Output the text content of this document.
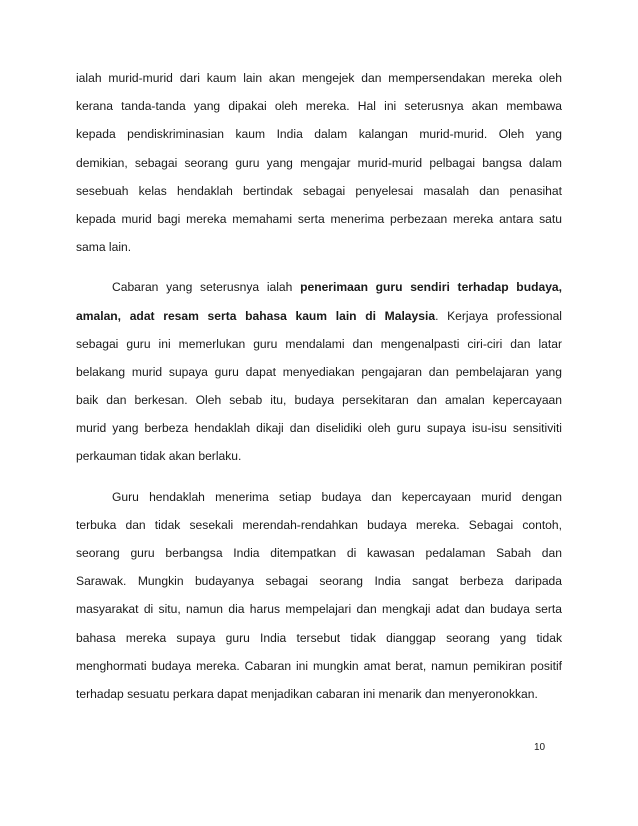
ialah murid-murid dari kaum lain akan mengejek dan mempersendakan mereka oleh
kerana tanda-tanda yang dipakai oleh mereka. Hal ini seterusnya akan membawa
kepada pendiskriminasian kaum India dalam kalangan murid-murid. Oleh yang
demikian, sebagai seorang guru yang mengajar murid-murid pelbagai bangsa dalam
sesebuah kelas hendaklah bertindak sebagai penyelesai masalah dan penasihat
kepada murid bagi mereka memahami serta menerima perbezaan mereka antara satu
sama lain.
Cabaran yang seterusnya ialah penerimaan guru sendiri terhadap budaya,
amalan, adat resam serta bahasa kaum lain di Malaysia. Kerjaya professional
sebagai guru ini memerlukan guru mendalami dan mengenalpasti ciri-ciri dan latar
belakang murid supaya guru dapat menyediakan pengajaran dan pembelajaran yang
baik dan berkesan. Oleh sebab itu, budaya persekitaran dan amalan kepercayaan
murid yang berbeza hendaklah dikaji dan diselidiki oleh guru supaya isu-isu sensitiviti
perkauman tidak akan berlaku.
Guru hendaklah menerima setiap budaya dan kepercayaan murid dengan
terbuka dan tidak sesekali merendah-rendahkan budaya mereka. Sebagai contoh,
seorang guru berbangsa India ditempatkan di kawasan pedalaman Sabah dan
Sarawak. Mungkin budayanya sebagai seorang India sangat berbeza daripada
masyarakat di situ, namun dia harus mempelajari dan mengkaji adat dan budaya serta
bahasa mereka supaya guru India tersebut tidak dianggap seorang yang tidak
menghormati budaya mereka. Cabaran ini mungkin amat berat, namun pemikiran positif
terhadap sesuatu perkara dapat menjadikan cabaran ini menarik dan menyeronokkan.
10
